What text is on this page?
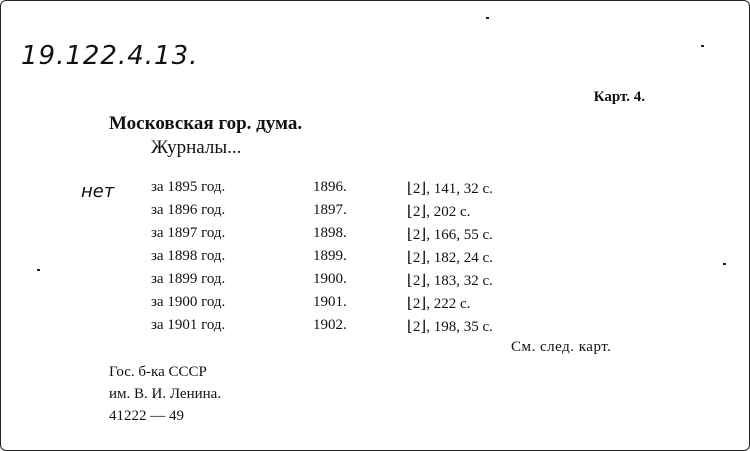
19.122.4.13.
Карт. 4.
Московская гор. дума.
Журналы...
за 1895 год.	1896.	⌊2⌋, 141, 32 с.
за 1896 год.	1897.	⌊2⌋, 202 с.
за 1897 год.	1898.	⌊2⌋, 166, 55 с.
за 1898 год.	1899.	⌊2⌋, 182, 24 с.
за 1899 год.	1900.	⌊2⌋, 183, 32 с.
за 1900 год.	1901.	⌊2⌋, 222 с.
за 1901 год.	1902.	⌊2⌋, 198, 35 с.
нет
См. след. карт.
Гос. б-ка СССР
им. В. И. Ленина.
41222 — 49
